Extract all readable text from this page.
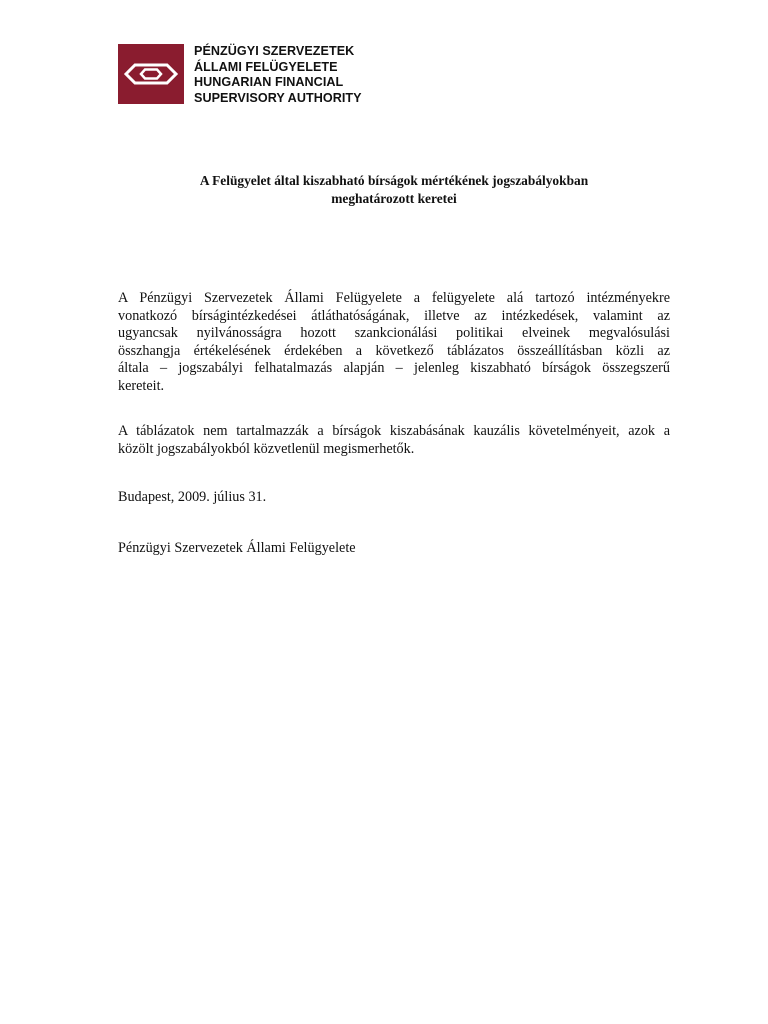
PÉNZÜGYI SZERVEZETEK
ÁLLAMI FELÜGYELETE
HUNGARIAN FINANCIAL
SUPERVISORY AUTHORITY
A Felügyelet által kiszabható bírságok mértékének jogszabályokban
meghatározott keretei

A Pénzügyi Szervezetek Állami Felügyelete a felügyelete alá tartozó intézményekre
vonatkozó bírságintézkedései átláthatóságának, illetve az intézkedések, valamint az
ugyancsak nyilvánosságra hozott szankcionálási politikai elveinek megvalósulási
összhangja értékelésének érdekében a következő táblázatos összeállításban közli az
általa – jogszabályi felhatalmazás alapján – jelenleg kiszabható bírságok összegszerű
kereteit.

A táblázatok nem tartalmazzák a bírságok kiszabásának kauzális követelményeit, azok a
közölt jogszabályokból közvetlenül megismerhetők.

Budapest, 2009. július 31.
Pénzügyi Szervezetek Állami Felügyelete
